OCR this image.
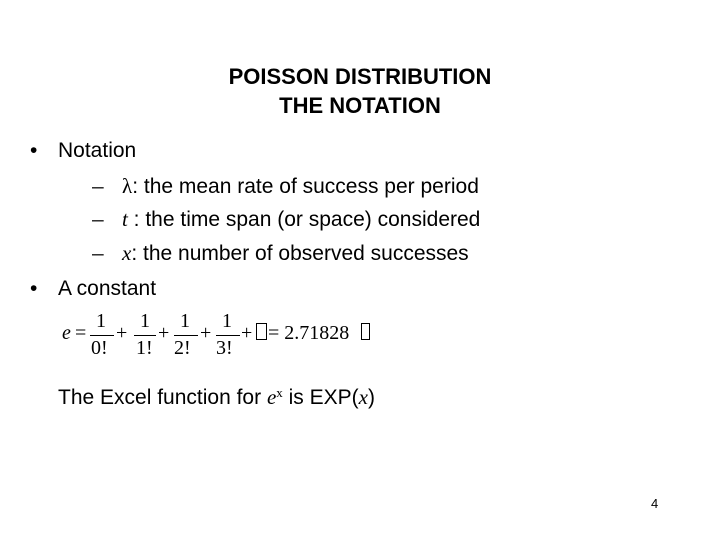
POISSON DISTRIBUTION
THE NOTATION
• Notation
– λ: the mean rate of success per period
– t : the time span (or space) considered
– x: the number of observed successes
• A constant
e =
1
0!
+
1
1!
+
1
2!
+
1
3!
+ = 2.71828
The Excel function for $e^x$ is EXP(x)
4
